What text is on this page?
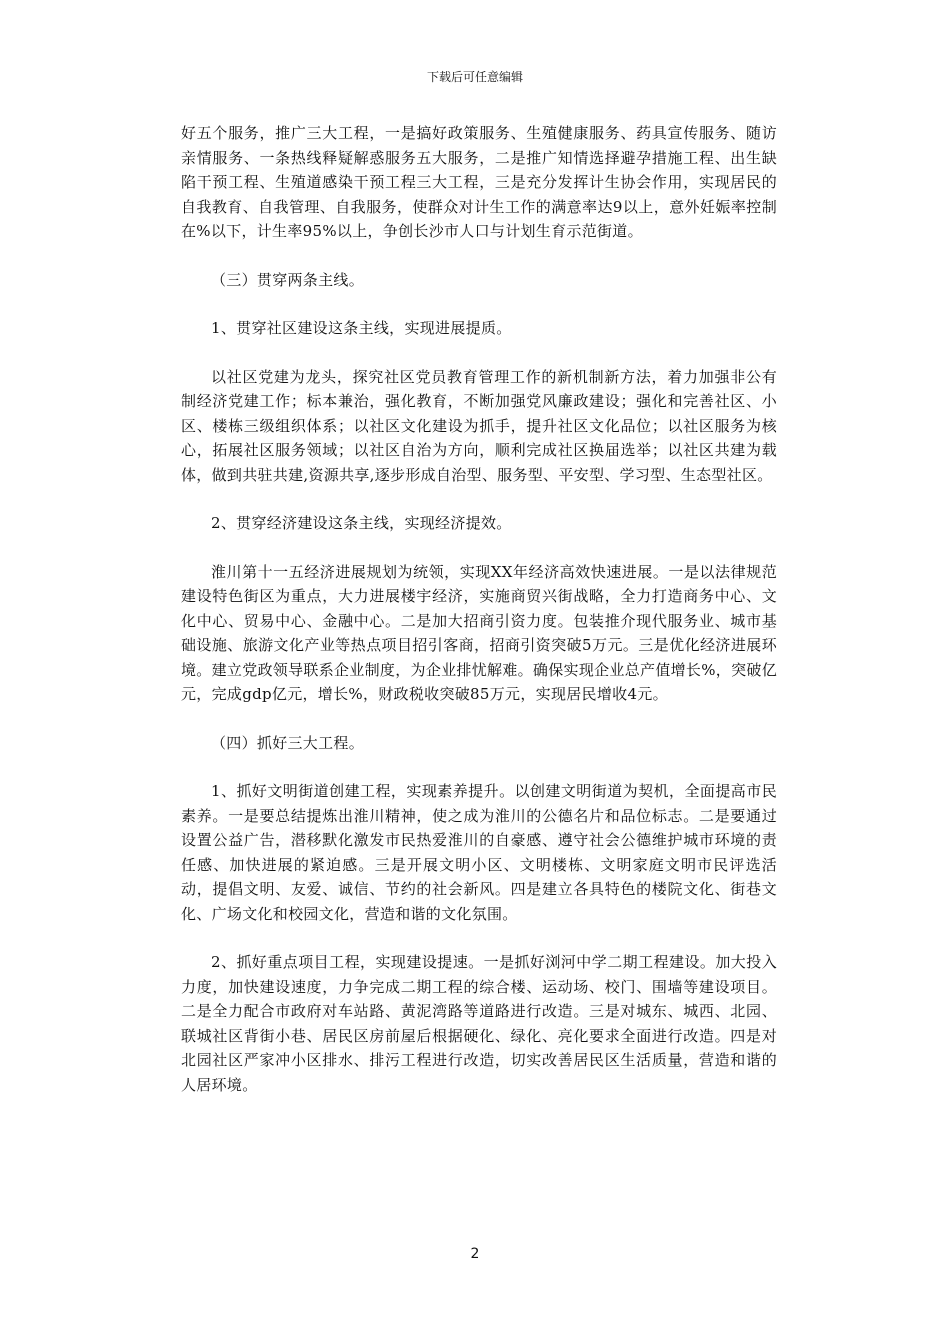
下载后可任意编辑

好五个服务，推广三大工程，一是搞好政策服务、生殖健康服务、药具宣传服务、随访亲情服务、一条热线释疑解惑服务五大服务，二是推广知情选择避孕措施工程、出生缺陷干预工程、生殖道感染干预工程三大工程，三是充分发挥计生协会作用，实现居民的自我教育、自我管理、自我服务，使群众对计生工作的满意率达9以上，意外妊娠率控制在%以下，计生率95%以上，争创长沙市人口与计划生育示范街道。

（三）贯穿两条主线。

1、贯穿社区建设这条主线，实现进展提质。

以社区党建为龙头，探究社区党员教育管理工作的新机制新方法，着力加强非公有制经济党建工作；标本兼治，强化教育，不断加强党风廉政建设；强化和完善社区、小区、楼栋三级组织体系；以社区文化建设为抓手，提升社区文化品位；以社区服务为核心，拓展社区服务领域；以社区自治为方向，顺利完成社区换届选举；以社区共建为载体，做到共驻共建,资源共享,逐步形成自治型、服务型、平安型、学习型、生态型社区。

2、贯穿经济建设这条主线，实现经济提效。

淮川第十一五经济进展规划为统领，实现XX年经济高效快速进展。一是以法律规范建设特色街区为重点，大力进展楼宇经济，实施商贸兴街战略，全力打造商务中心、文化中心、贸易中心、金融中心。二是加大招商引资力度。包装推介现代服务业、城市基础设施、旅游文化产业等热点项目招引客商，招商引资突破5万元。三是优化经济进展环境。建立党政领导联系企业制度，为企业排忧解难。确保实现企业总产值增长%，突破亿元，完成gdp亿元，增长%，财政税收突破85万元，实现居民增收4元。

（四）抓好三大工程。

1、抓好文明街道创建工程，实现素养提升。以创建文明街道为契机，全面提高市民素养。一是要总结提炼出淮川精神，使之成为淮川的公德名片和品位标志。二是要通过设置公益广告，潜移默化激发市民热爱淮川的自豪感、遵守社会公德维护城市环境的责任感、加快进展的紧迫感。三是开展文明小区、文明楼栋、文明家庭文明市民评选活动，提倡文明、友爱、诚信、节约的社会新风。四是建立各具特色的楼院文化、街巷文化、广场文化和校园文化，营造和谐的文化氛围。

2、抓好重点项目工程，实现建设提速。一是抓好浏河中学二期工程建设。加大投入力度，加快建设速度，力争完成二期工程的综合楼、运动场、校门、围墙等建设项目。二是全力配合市政府对车站路、黄泥湾路等道路进行改造。三是对城东、城西、北园、联城社区背街小巷、居民区房前屋后根据硬化、绿化、亮化要求全面进行改造。四是对北园社区严家冲小区排水、排污工程进行改造，切实改善居民区生活质量，营造和谐的人居环境。

2
